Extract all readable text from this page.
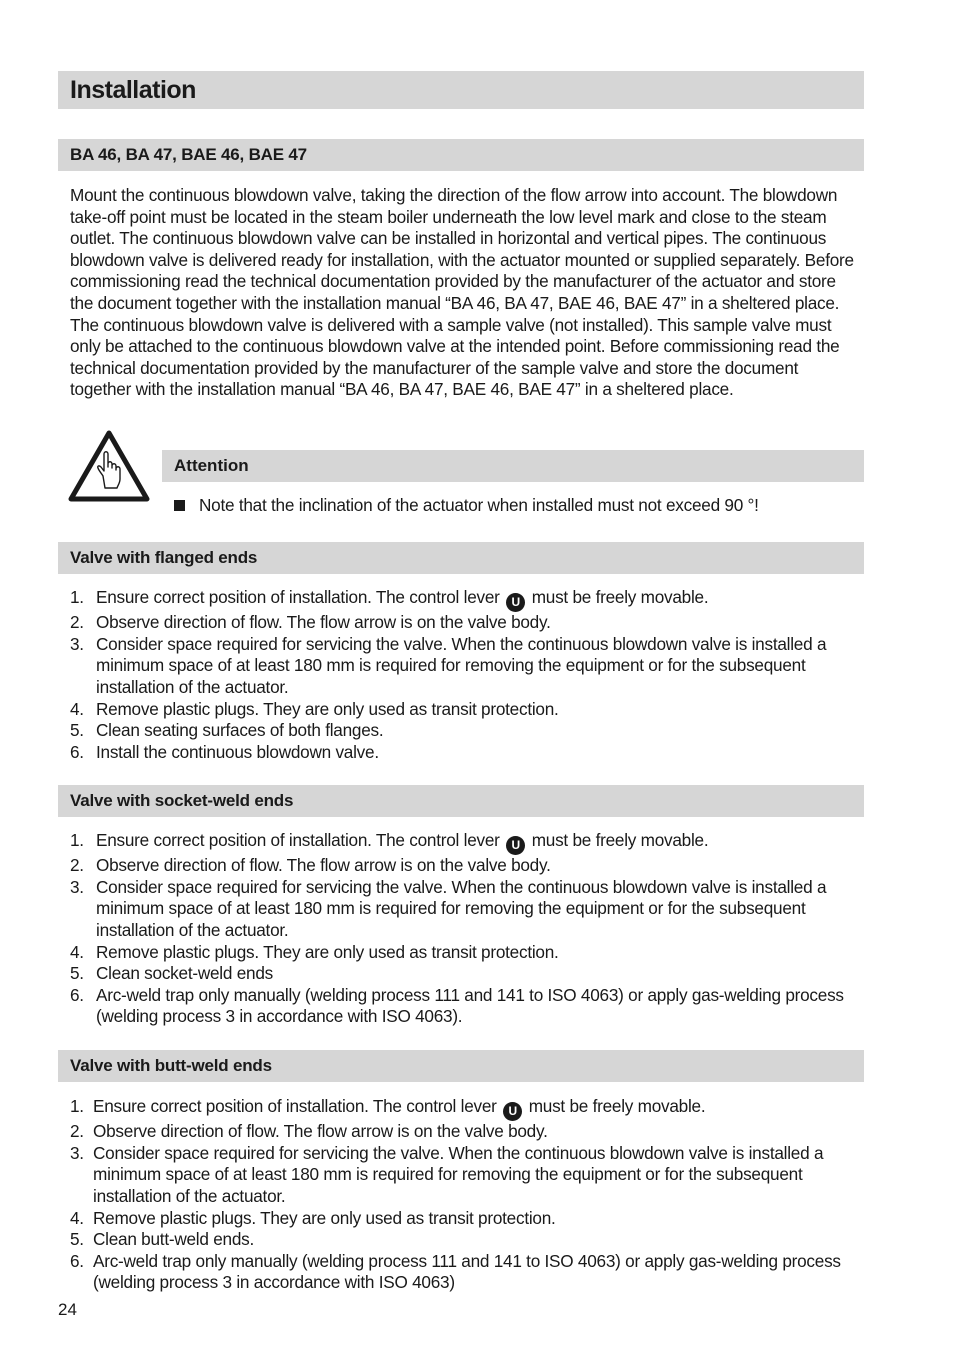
Installation
BA 46, BA 47, BAE 46, BAE 47

Mount the continuous blowdown valve, taking the direction of the flow arrow into account. The blowdown take-off point must be located in the steam boiler underneath the low level mark and close to the steam outlet. The continuous blowdown valve can be installed in horizontal and vertical pipes. The continuous blowdown valve is delivered ready for installation, with the actuator mounted or supplied separately. Before commissioning read the technical documentation provided by the manufacturer of the actuator and store the document together with the installation manual “BA 46, BA 47, BAE 46, BAE 47” in a sheltered place. The continuous blowdown valve is delivered with a sample valve (not installed). This sample valve must only be attached to the continuous blowdown valve at the intended point. Before commissioning read the technical documentation provided by the manufacturer of the sample valve and store the document together with the installation manual “BA 46, BA 47, BAE 46, BAE 47” in a sheltered place.

Attention
Note that the inclination of the actuator when installed must not exceed 90 °!
Valve with flanged ends
1. Ensure correct position of installation. The control lever U must be freely movable.
2. Observe direction of flow. The flow arrow is on the valve body.
3. Consider space required for servicing the valve. When the continuous blowdown valve is installed a minimum space of at least 180 mm is required for removing the equipment or for the subsequent installation of the actuator.
4. Remove plastic plugs. They are only used as transit protection.
5. Clean seating surfaces of both flanges.
6. Install the continuous blowdown valve.
Valve with socket-weld ends
1. Ensure correct position of installation. The control lever U must be freely movable.
2. Observe direction of flow. The flow arrow is on the valve body.
3. Consider space required for servicing the valve. When the continuous blowdown valve is installed a minimum space of at least 180 mm is required for removing the equipment or for the subsequent installation of the actuator.
4. Remove plastic plugs. They are only used as transit protection.
5. Clean socket-weld ends
6. Arc-weld trap only manually (welding process 111 and 141 to ISO 4063) or apply gas-welding process (welding process 3 in accordance with ISO 4063).
Valve with butt-weld ends
1. Ensure correct position of installation. The control lever U must be freely movable.
2. Observe direction of flow. The flow arrow is on the valve body.
3. Consider space required for servicing the valve. When the continuous blowdown valve is installed a minimum space of at least 180 mm is required for removing the equipment or for the subsequent installation of the actuator.
4. Remove plastic plugs. They are only used as transit protection.
5. Clean butt-weld ends.
6. Arc-weld trap only manually (welding process 111 and 141 to ISO 4063) or apply gas-welding process (welding process 3 in accordance with ISO 4063)
24
